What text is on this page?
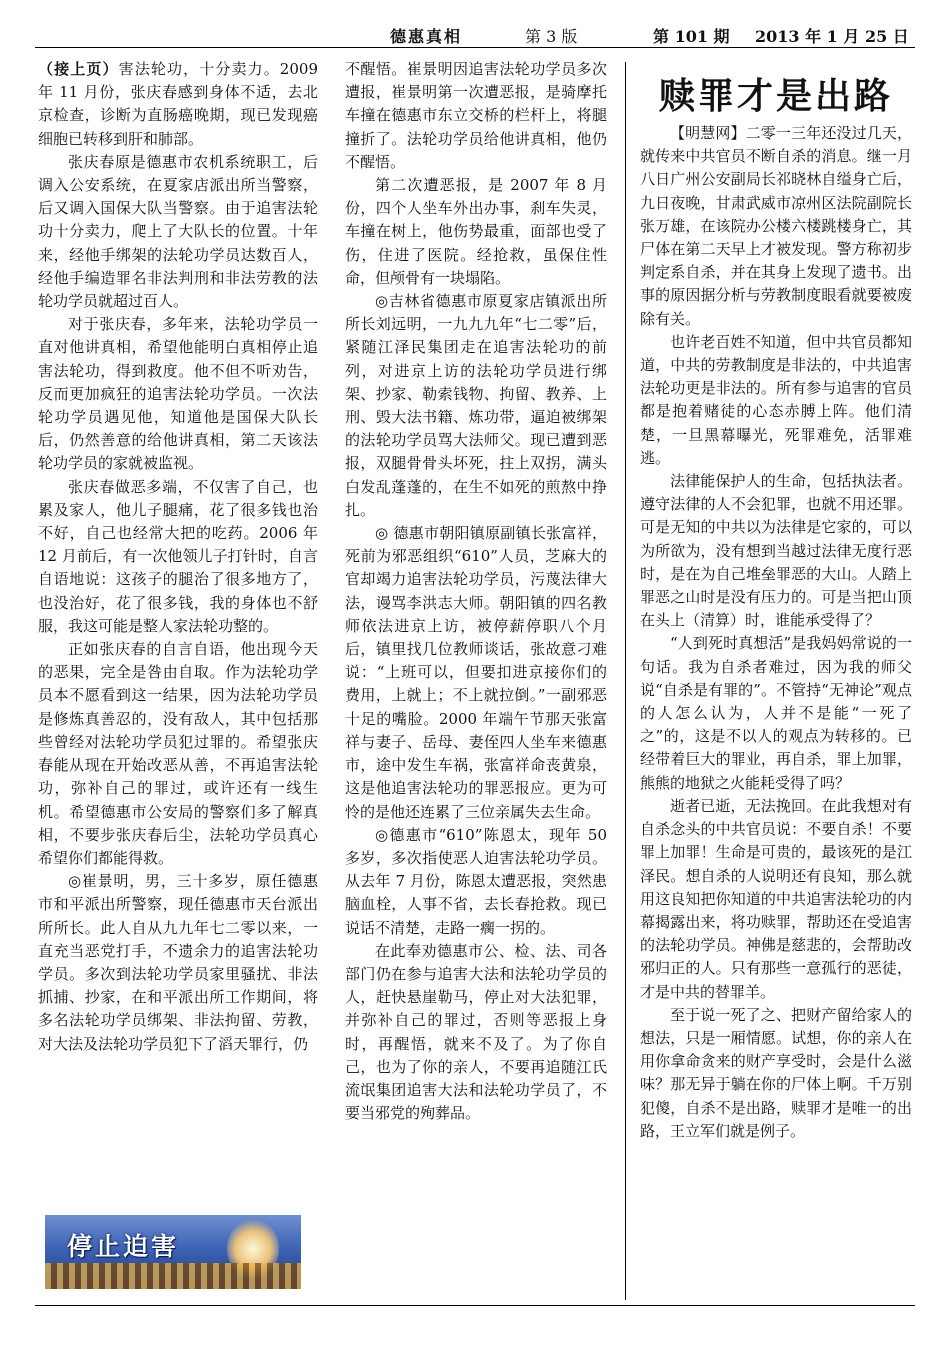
德惠真相	第 3 版	第 101 期 2013 年 1 月 25 日

（接上页）害法轮功，十分卖力。2009 年 11 月份，张庆春感到身体不适，去北京检查，诊断为直肠癌晚期，现已发现癌细胞已转移到肝和肺部。

张庆春原是德惠市农机系统职工，后调入公安系统，在夏家店派出所当警察，后又调入国保大队当警察。由于追害法轮功十分卖力，爬上了大队长的位置。十年来，经他手绑架的法轮功学员达数百人，经他手编造罪名非法判刑和非法劳教的法轮功学员就超过百人。

对于张庆春，多年来，法轮功学员一直对他讲真相，希望他能明白真相停止追害法轮功，得到救度。他不但不听劝告，反而更加疯狂的追害法轮功学员。一次法轮功学员遇见他，知道他是国保大队长后，仍然善意的给他讲真相，第二天该法轮功学员的家就被监视。

张庆春做恶多端，不仅害了自己，也累及家人，他儿子腿痛，花了很多钱也治不好，自己也经常大把的吃药。2006 年 12 月前后，有一次他领儿子打针时，自言自语地说：这孩子的腿治了很多地方了，也没治好，花了很多钱，我的身体也不舒服，我这可能是整人家法轮功整的。

正如张庆春的自言自语，他出现今天的恶果，完全是咎由自取。作为法轮功学员本不愿看到这一结果，因为法轮功学员是修炼真善忍的，没有敌人，其中包括那些曾经对法轮功学员犯过罪的。希望张庆春能从现在开始改恶从善，不再追害法轮功，弥补自己的罪过，或许还有一线生机。希望德惠市公安局的警察们多了解真相，不要步张庆春后尘，法轮功学员真心希望你们都能得救。

◎崔景明，男，三十多岁，原任德惠市和平派出所警察，现任德惠市天台派出所所长。此人自从九九年七二零以来，一直充当恶党打手，不遗余力的追害法轮功学员。多次到法轮功学员家里骚扰、非法抓捕、抄家，在和平派出所工作期间，将多名法轮功学员绑架、非法拘留、劳教，对大法及法轮功学员犯下了滔天罪行，仍

停止迫害

不醒悟。崔景明因追害法轮功学员多次遭报，崔景明第一次遭恶报，是骑摩托车撞在德惠市东立交桥的栏杆上，将腿撞折了。法轮功学员给他讲真相，他仍不醒悟。

第二次遭恶报，是 2007 年 8 月份，四个人坐车外出办事，刹车失灵，车撞在树上，他伤势最重，面部也受了伤，住进了医院。经抢救，虽保住性命，但颅骨有一块塌陷。

◎吉林省德惠市原夏家店镇派出所所长刘远明，一九九九年“七二零”后，紧随江泽民集团走在追害法轮功的前列，对进京上访的法轮功学员进行绑架、抄家、勒索钱物、拘留、教养、上刑、毁大法书籍、炼功带，逼迫被绑架的法轮功学员骂大法师父。现已遭到恶报，双腿骨骨头坏死，拄上双拐，满头白发乱蓬蓬的，在生不如死的煎熬中挣扎。

◎ 德惠市朝阳镇原副镇长张富祥，死前为邪恶组织“610”人员，芝麻大的官却竭力追害法轮功学员，污蔑法律大法，谩骂李洪志大师。朝阳镇的四名教师依法进京上访，被停薪停职八个月后，镇里找几位教师谈话，张故意刁难说：“上班可以，但要扣进京接你们的费用，上就上；不上就拉倒。”一副邪恶十足的嘴脸。2000 年端午节那天张富祥与妻子、岳母、妻侄四人坐车来德惠市，途中发生车祸，张富祥命丧黄泉，这是他追害法轮功的罪恶报应。更为可怜的是他还连累了三位亲属失去生命。

◎德惠市“610”陈恩太，现年 50 多岁，多次指使恶人迫害法轮功学员。从去年 7 月份，陈恩太遭恶报，突然患脑血栓，人事不省，去长春抢救。现已说话不清楚，走路一瘸一拐的。

在此奉劝德惠市公、检、法、司各部门仍在参与追害大法和法轮功学员的人，赶快悬崖勒马，停止对大法犯罪，并弥补自己的罪过，否则等恶报上身时，再醒悟，就来不及了。为了你自己，也为了你的亲人，不要再追随江氏流氓集团追害大法和法轮功学员了，不要当邪党的殉葬品。

赎罪才是出路

【明慧网】二零一三年还没过几天，就传来中共官员不断自杀的消息。继一月八日广州公安副局长祁晓林自缢身亡后，九日夜晚，甘肃武威市凉州区法院副院长张万雄，在该院办公楼六楼跳楼身亡，其尸体在第二天早上才被发现。警方称初步判定系自杀，并在其身上发现了遗书。出事的原因据分析与劳教制度眼看就要被废除有关。

也许老百姓不知道，但中共官员都知道，中共的劳教制度是非法的，中共追害法轮功更是非法的。所有参与追害的官员都是抱着赌徒的心态赤膊上阵。他们清楚，一旦黑幕曝光，死罪难免，活罪难逃。

法律能保护人的生命，包括执法者。遵守法律的人不会犯罪，也就不用还罪。可是无知的中共以为法律是它家的，可以为所欲为，没有想到当越过法律无度行恶时，是在为自己堆垒罪恶的大山。人踏上罪恶之山时是没有压力的。可是当把山顶在头上（清算）时，谁能承受得了？

“人到死时真想活”是我妈妈常说的一句话。我为自杀者难过，因为我的师父说“自杀是有罪的”。不管持“无神论”观点的人怎么认为，人并不是能“一死了之”的，这是不以人的观点为转移的。已经带着巨大的罪业，再自杀，罪上加罪，熊熊的地狱之火能耗受得了吗？

逝者已逝，无法挽回。在此我想对有自杀念头的中共官员说：不要自杀！不要罪上加罪！生命是可贵的，最该死的是江泽民。想自杀的人说明还有良知，那么就用这良知把你知道的中共追害法轮功的内幕揭露出来，将功赎罪，帮助还在受追害的法轮功学员。神佛是慈悲的，会帮助改邪归正的人。只有那些一意孤行的恶徒，才是中共的替罪羊。

至于说一死了之、把财产留给家人的想法，只是一厢情愿。试想，你的亲人在用你拿命贪来的财产享受时，会是什么滋味？那无异于躺在你的尸体上啊。千万别犯傻，自杀不是出路，赎罪才是唯一的出路，王立军们就是例子。
